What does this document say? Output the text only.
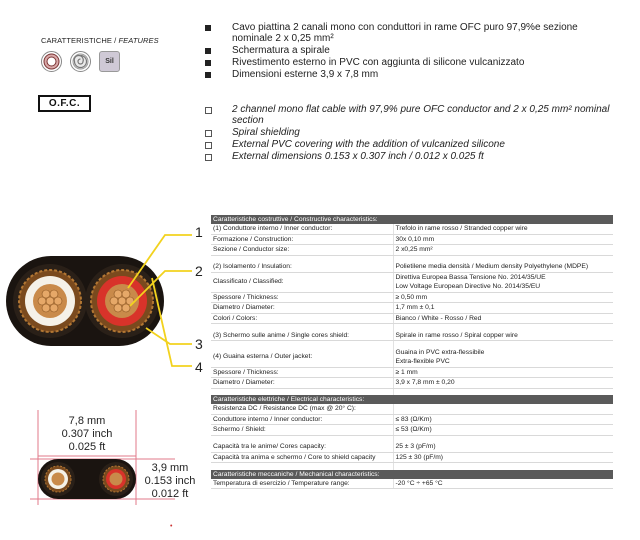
CARATTERISTICHE / FEATURES
Sil
O.F.C.
Cavo piattina 2 canali mono con conduttori in rame OFC puro 97,9%e sezione nominale 2 x 0,25 mm²
Schermatura a spirale
Rivestimento esterno in PVC con aggiunta di silicone vulcanizzato
Dimensioni esterne 3,9 x 7,8 mm
2 channel mono flat cable with 97,9% pure OFC conductor and 2 x 0,25 mm² nominal section
Spiral shielding
External PVC covering with the addition of vulcanized silicone
External dimensions 0.153 x 0.307 inch / 0.012 x 0.025 ft
1
2
3
4
Caratteristiche costruttive / Constructive characteristics:	
(1) Conduttore interno / Inner conductor:	Trefolo in rame rosso / Stranded copper wire
Formazione / Construction:	30x 0,10 mm
Sezione / Conductor size:	2 x0,25 mm²

(2) Isolamento / Insulation:	Polietilene media densità / Medium density Polyethylene (MDPE)
Classificato / Classified:	Direttiva Europea Bassa Tensione No. 2014/35/UE
Low Voltage European Directive No. 2014/35/EU

Spessore / Thickness:	≥ 0,50 mm
Diametro / Diameter:	1,7 mm ± 0,1
Colori / Colors:	Bianco / White - Rosso / Red

(3) Schermo sulle anime / Single cores shield:	Spirale in rame rosso / Spiral copper wire

(4) Guaina esterna / Outer jacket:	Guaina in PVC extra-flessibile
Extra-flexible PVC

Spessore / Thickness:	≥ 1 mm
Diametro / Diameter:	3,9 x 7,8 mm ± 0,20

Caratteristiche elettriche / Electrical characteristics:	
Resistenza DC / Resistance DC (max @ 20° C):	
Conduttore interno / Inner conductor:	≤ 83 (Ω/Km)
Schermo / Shield:	≤ 53 (Ω/Km)

Capacità tra le anime/ Cores capacity:	25 ± 3 (pF/m)
Capacità tra anima e schermo / Core to shield capacity	125 ± 30 (pF/m)

Caratteristiche meccaniche / Mechanical characteristics:	
Temperatura di esercizio / Temperature range:	-20 °C ÷ +65 °C
7,8 mm
0.307 inch
0.025 ft
3,9 mm
0.153 inch
0.012 ft
•
